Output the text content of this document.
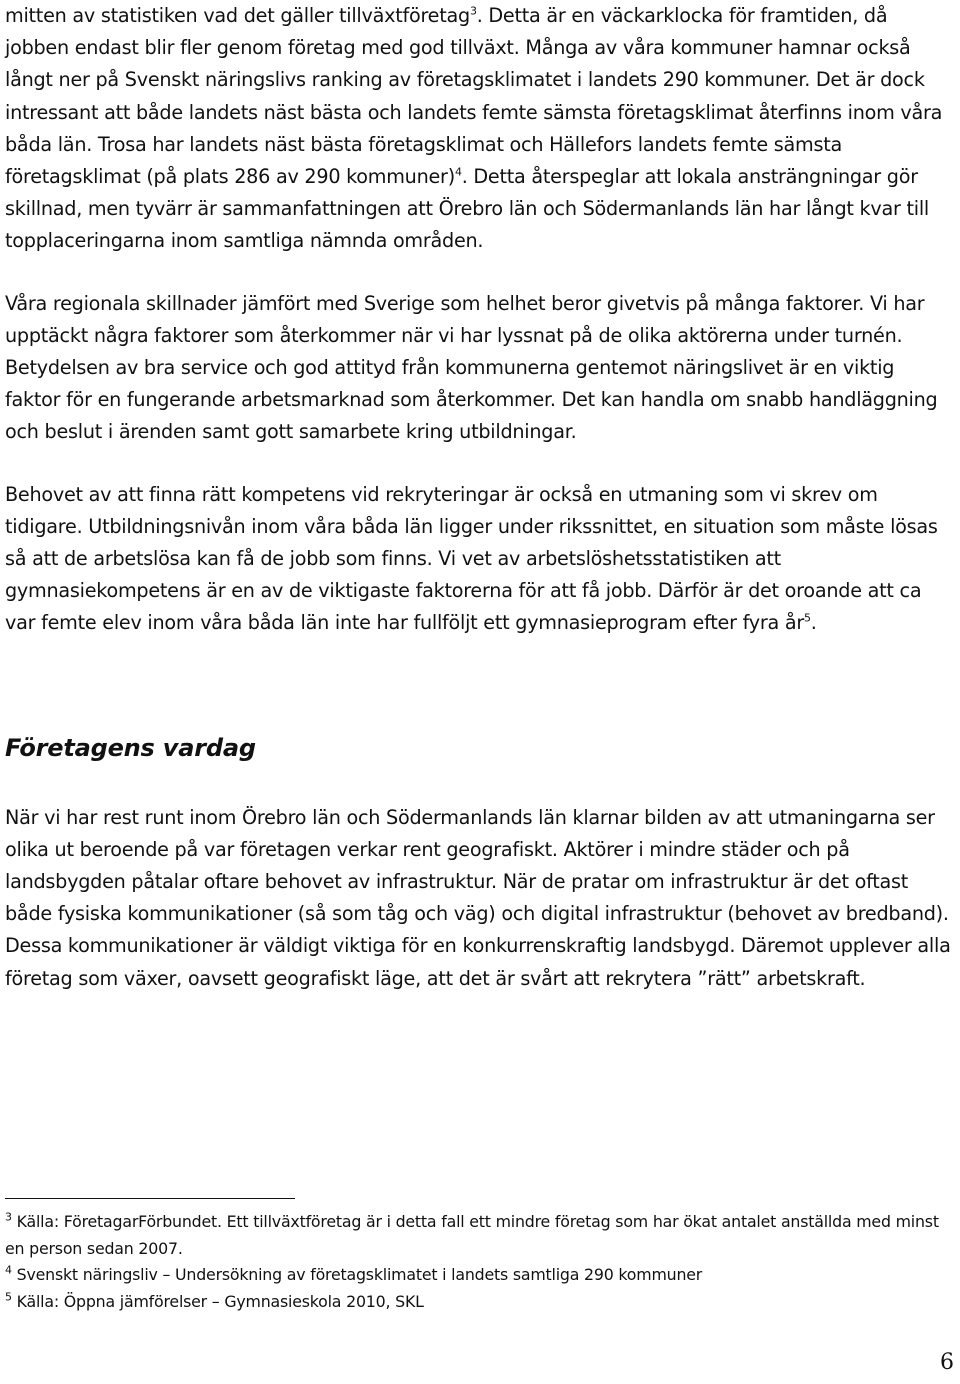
mitten av statistiken vad det gäller tillväxtföretag$^3$. Detta är en väckarklocka för framtiden, då jobben endast blir fler genom företag med god tillväxt. Många av våra kommuner hamnar också långt ner på Svenskt näringslivs ranking av företagsklimatet i landets 290 kommuner. Det är dock intressant att både landets näst bästa och landets femte sämsta företagsklimat återfinns inom våra båda län. Trosa har landets näst bästa företagsklimat och Hällefors landets femte sämsta företagsklimat (på plats 286 av 290 kommuner)$^4$. Detta återspeglar att lokala ansträngningar gör skillnad, men tyvärr är sammanfattningen att Örebro län och Södermanlands län har långt kvar till topplaceringarna inom samtliga nämnda områden.

Våra regionala skillnader jämfört med Sverige som helhet beror givetvis på många faktorer. Vi har upptäckt några faktorer som återkommer när vi har lyssnat på de olika aktörerna under turnén. Betydelsen av bra service och god attityd från kommunerna gentemot näringslivet är en viktig faktor för en fungerande arbetsmarknad som återkommer. Det kan handla om snabb handläggning och beslut i ärenden samt gott samarbete kring utbildningar.

Behovet av att finna rätt kompetens vid rekryteringar är också en utmaning som vi skrev om tidigare. Utbildningsnivån inom våra båda län ligger under rikssnittet, en situation som måste lösas så att de arbetslösa kan få de jobb som finns. Vi vet av arbetslöshetsstatistiken att gymnasiekompetens är en av de viktigaste faktorerna för att få jobb. Därför är det oroande att ca var femte elev inom våra båda län inte har fullföljt ett gymnasieprogram efter fyra $år^5$.

Företagens vardag

När vi har rest runt inom Örebro län och Södermanlands län klarnar bilden av att utmaningarna ser olika ut beroende på var företagen verkar rent geografiskt. Aktörer i mindre städer och på landsbygden påtalar oftare behovet av infrastruktur. När de pratar om infrastruktur är det oftast både fysiska kommunikationer (så som tåg och väg) och digital infrastruktur (behovet av bredband). Dessa kommunikationer är väldigt viktiga för en konkurrenskraftig landsbygd. Däremot upplever alla företag som växer, oavsett geografiskt läge, att det är svårt att rekrytera ”rätt” arbetskraft.

$^3$ Källa: FöretagarFörbundet. Ett tillväxtföretag är i detta fall ett mindre företag som har ökat antalet anställda med minst en person sedan 2007.

$^4$ Svenskt näringsliv – Undersökning av företagsklimatet i landets samtliga 290 kommuner

$^5$ Källa: Öppna jämförelser – Gymnasieskola 2010, SKL

6
